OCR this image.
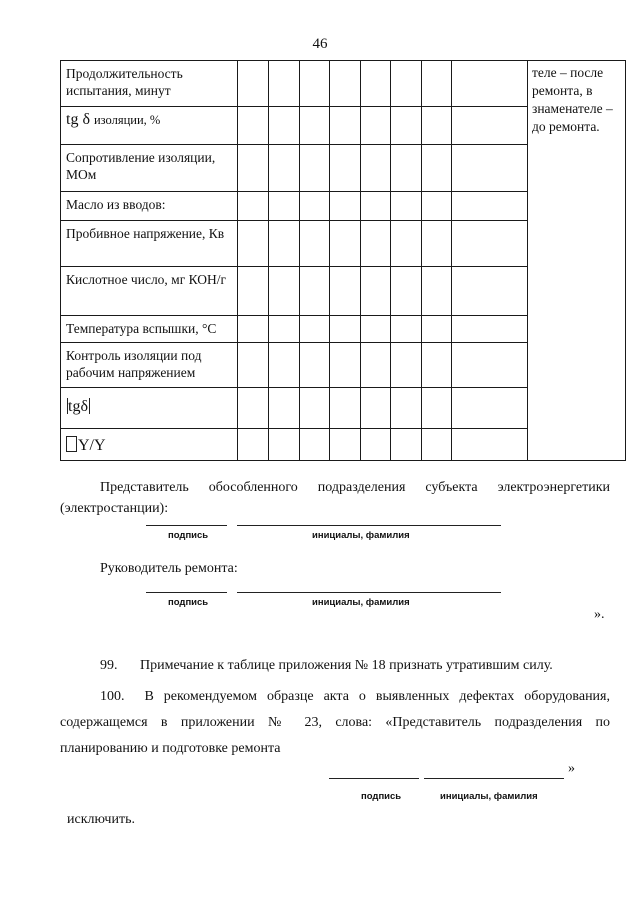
46
Продолжительность испытания, минут									теле – после ремонта, в знаменателе – до ремонта.
tg δ изоляции, %									
Сопротивление изоляции, МОм									
Масло из вводов:									
Пробивное напряжение, Кв									
Кислотное число, мг КОН/г									
Температура вспышки, °С									
Контроль изоляции под рабочим напряжением									
tgδ									
Y/Y									
Представитель обособленного подразделения субъекта электроэнергетики (электростанции):
подпись	инициалы, фамилия
Руководитель ремонта:
подпись	инициалы, фамилия
».
99. Примечание к таблице приложения № 18 признать утратившим силу.
100. В рекомендуемом образце акта о выявленных дефектах оборудования, содержащемся в приложении № 23, слова: «Представитель подразделения по планированию и подготовке ремонта
»
подпись	инициалы, фамилия
исключить.
